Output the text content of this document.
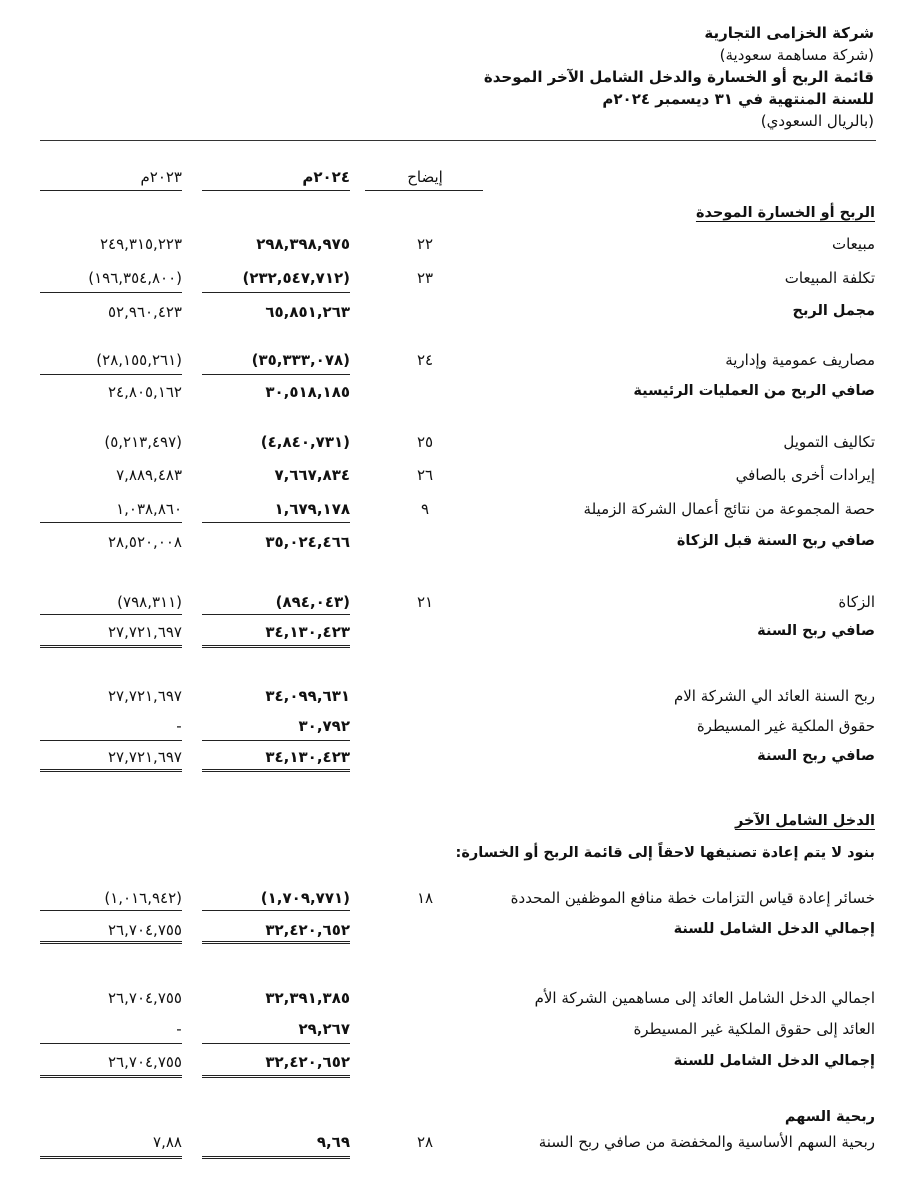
شركة الخزامى التجارية
(شركة مساهمة سعودية)
قائمة الربح أو الخسارة والدخل الشامل الآخر الموحدة
للسنة المنتهية في ٣١ ديسمبر ٢٠٢٤م
(بالريال السعودي)
إيضاح
٢٠٢٤م
٢٠٢٣م
الربح أو الخسارة الموحدة
مبيعات
٢٢
٢٩٨,٣٩٨,٩٧٥
٢٤٩,٣١٥,٢٢٣
تكلفة المبيعات
٢٣
(٢٣٢,٥٤٧,٧١٢)
(١٩٦,٣٥٤,٨٠٠)
مجمل الربح
٦٥,٨٥١,٢٦٣
٥٢,٩٦٠,٤٢٣
مصاريف عمومية وإدارية
٢٤
(٣٥,٣٣٣,٠٧٨)
(٢٨,١٥٥,٢٦١)
صافي الربح من العمليات الرئيسية
٣٠,٥١٨,١٨٥
٢٤,٨٠٥,١٦٢
تكاليف التمويل
٢٥
(٤,٨٤٠,٧٣١)
(٥,٢١٣,٤٩٧)
إيرادات أخرى بالصافي
٢٦
٧,٦٦٧,٨٣٤
٧,٨٨٩,٤٨٣
حصة المجموعة من نتائج أعمال الشركة الزميلة
٩
١,٦٧٩,١٧٨
١,٠٣٨,٨٦٠
صافي ربح السنة قبل الزكاة
٣٥,٠٢٤,٤٦٦
٢٨,٥٢٠,٠٠٨
الزكاة
٢١
(٨٩٤,٠٤٣)
(٧٩٨,٣١١)
صافي ربح السنة
٣٤,١٣٠,٤٢٣
٢٧,٧٢١,٦٩٧
ربح السنة العائد الي الشركة الام
٣٤,٠٩٩,٦٣١
٢٧,٧٢١,٦٩٧
حقوق الملكية غير المسيطرة
٣٠,٧٩٢
-
صافي ربح السنة
٣٤,١٣٠,٤٢٣
٢٧,٧٢١,٦٩٧
الدخل الشامل الآخر
بنود لا يتم إعادة تصنيفها لاحقاً إلى قائمة الربح أو الخسارة:
خسائر إعادة قياس التزامات خطة منافع الموظفين المحددة
١٨
(١,٧٠٩,٧٧١)
(١,٠١٦,٩٤٢)
إجمالي الدخل الشامل للسنة
٣٢,٤٢٠,٦٥٢
٢٦,٧٠٤,٧٥٥
اجمالي الدخل الشامل العائد إلى مساهمين الشركة الأم
٣٢,٣٩١,٣٨٥
٢٦,٧٠٤,٧٥٥
العائد إلى حقوق الملكية غير المسيطرة
٢٩,٢٦٧
-
إجمالي الدخل الشامل للسنة
٣٢,٤٢٠,٦٥٢
٢٦,٧٠٤,٧٥٥
ربحية السهم
ربحية السهم الأساسية والمخفضة من صافي ربح السنة
٢٨
٩,٦٩
٧,٨٨
